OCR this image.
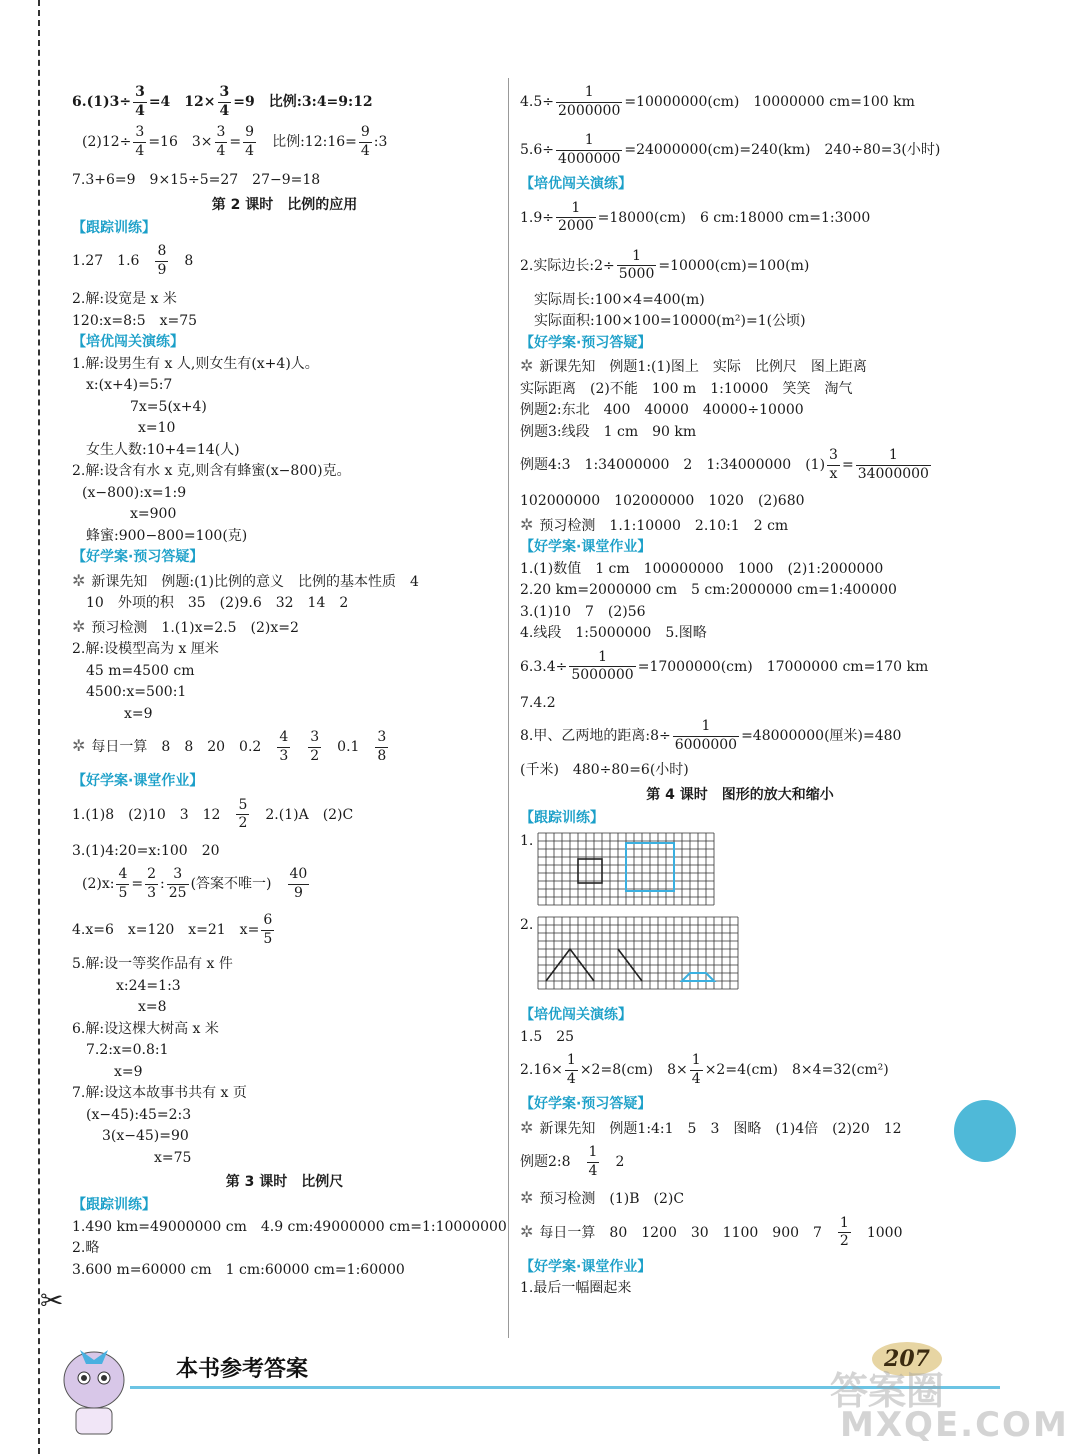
✂
$6.(1)3\div \frac{3}{4} =4$　$12\times \frac{3}{4} =9$　比例:3:4=9:12
$(2)12\div \frac{3}{4} =16$　$3\times \frac{3}{4} = \frac{9}{4}$ 　比例:12:16= $\frac{9}{4}$ :3
7.3+6=9　9×15÷5=27　27−9=18
第 2 课时　比例的应用
【跟踪训练】
1.27　1.6　 $\frac{8}{9}$ 　8
2.解:设宽是 x 米
120:x=8:5　x=75
【培优闯关演练】
1.解:设男生有 x 人,则女生有(x+4)人。
x:(x+4)=5:7
7x=5(x+4)
x=10
女生人数:10+4=14(人)
2.解:设含有水 x 克,则含有蜂蜜(x−800)克。
(x−800):x=1:9
x=900
蜂蜜:900−800=100(克)
【好学案·预习答疑】
✲ 新课先知　例题:(1)比例的意义　比例的基本性质　4
10　外项的积　35　(2)9.6　32　14　2
✲ 预习检测　1.(1)x=2.5　(2)x=2
2.解:设模型高为 x 厘米
45 m=4500 cm
4500:x=500:1
x=9
✲ 每日一算　8　8　20　0.2　 $\frac{4}{3}$
　 $\frac{3}{2}$ 　0.1　 $\frac{3}{8}$
【好学案·课堂作业】
1.(1)8　(2)10　3　12　 $\frac{5}{2}$ 　2.(1)A　(2)C
3.(1)4:20=x:100　20
(2)x: $\frac{4}{5} = \frac{2}{3}$ : $\frac{3}{25}$ (答案不唯一)　 $\frac{40}{9}$
4.x=6　x=120　x=21　$x= \frac{6}{5}$
5.解:设一等奖作品有 x 件
x:24=1:3
x=8
6.解:设这棵大树高 x 米
7.2:x=0.8:1
x=9
7.解:设这本故事书共有 x 页
(x−45):45=2:3
3(x−45)=90
x=75
第 3 课时　比例尺
【跟踪训练】
1.490 km=49000000 cm　4.9 cm:49000000 cm=1:10000000
2.略
3.600 m=60000 cm　1 cm:60000 cm=1:60000
$4.5\div \frac{1}{2000000} =10000000(cm)$　10000000 cm=100 km
$5.6\div \frac{1}{4000000} =24000000(cm)=240(km)$　240÷80=3(小时)
【培优闯关演练】
$1.9\div \frac{1}{2000} =18000(cm)$　6 cm:18000 cm=1:3000
2.实际边长:2÷ $\frac{1}{5000} =10000(cm)=100(m)$
实际周长:100×4=400(m)
实际面积:100×100=10000(m²)=1(公顷)
【好学案·预习答疑】
✲ 新课先知　例题1:(1)图上　实际　比例尺　图上距离
实际距离　(2)不能　100 m　1:10000　笑笑　淘气
例题2:东北　400　40000　40000÷10000
例题3:线段　1 cm　90 km
例题4:3　1:34000000　2　1:34000000　$(1) \frac{3}{x} = \frac{1}{34000000}$
102000000　102000000　1020　(2)680
✲ 预习检测　1.1:10000　2.10:1　2 cm
【好学案·课堂作业】
1.(1)数值　1 cm　100000000　1000　(2)1:2000000
2.20 km=2000000 cm　5 cm:2000000 cm=1:400000
3.(1)10　7　(2)56
4.线段　1:5000000　5.图略
$6.3.4\div \frac{1}{5000000} =17000000(cm)$　17000000 cm=170 km
7.4.2
8.甲、乙两地的距离:8÷ $\frac{1}{6000000} =48000000$(厘米)=480
(千米)　480÷80=6(小时)
第 4 课时　图形的放大和缩小
【跟踪训练】
1.
2.
【培优闯关演练】
1.5　25
$2.16\times \frac{1}{4} \times 2=8(cm)$　$8\times \frac{1}{4} \times 2=4(cm)$　8×4=32(cm²)
【好学案·预习答疑】
✲ 新课先知　例题1:4:1　5　3　图略　(1)4倍　(2)20　12
例题2:8　 $\frac{1}{4}$ 　2
✲ 预习检测　(1)B　(2)C
✲ 每日一算　80　1200　30　1100　900　7　 $\frac{1}{2}$ 　1000
【好学案·课堂作业】
1.最后一幅圈起来
本书参考答案	207
答案圈
MXQE.COM
